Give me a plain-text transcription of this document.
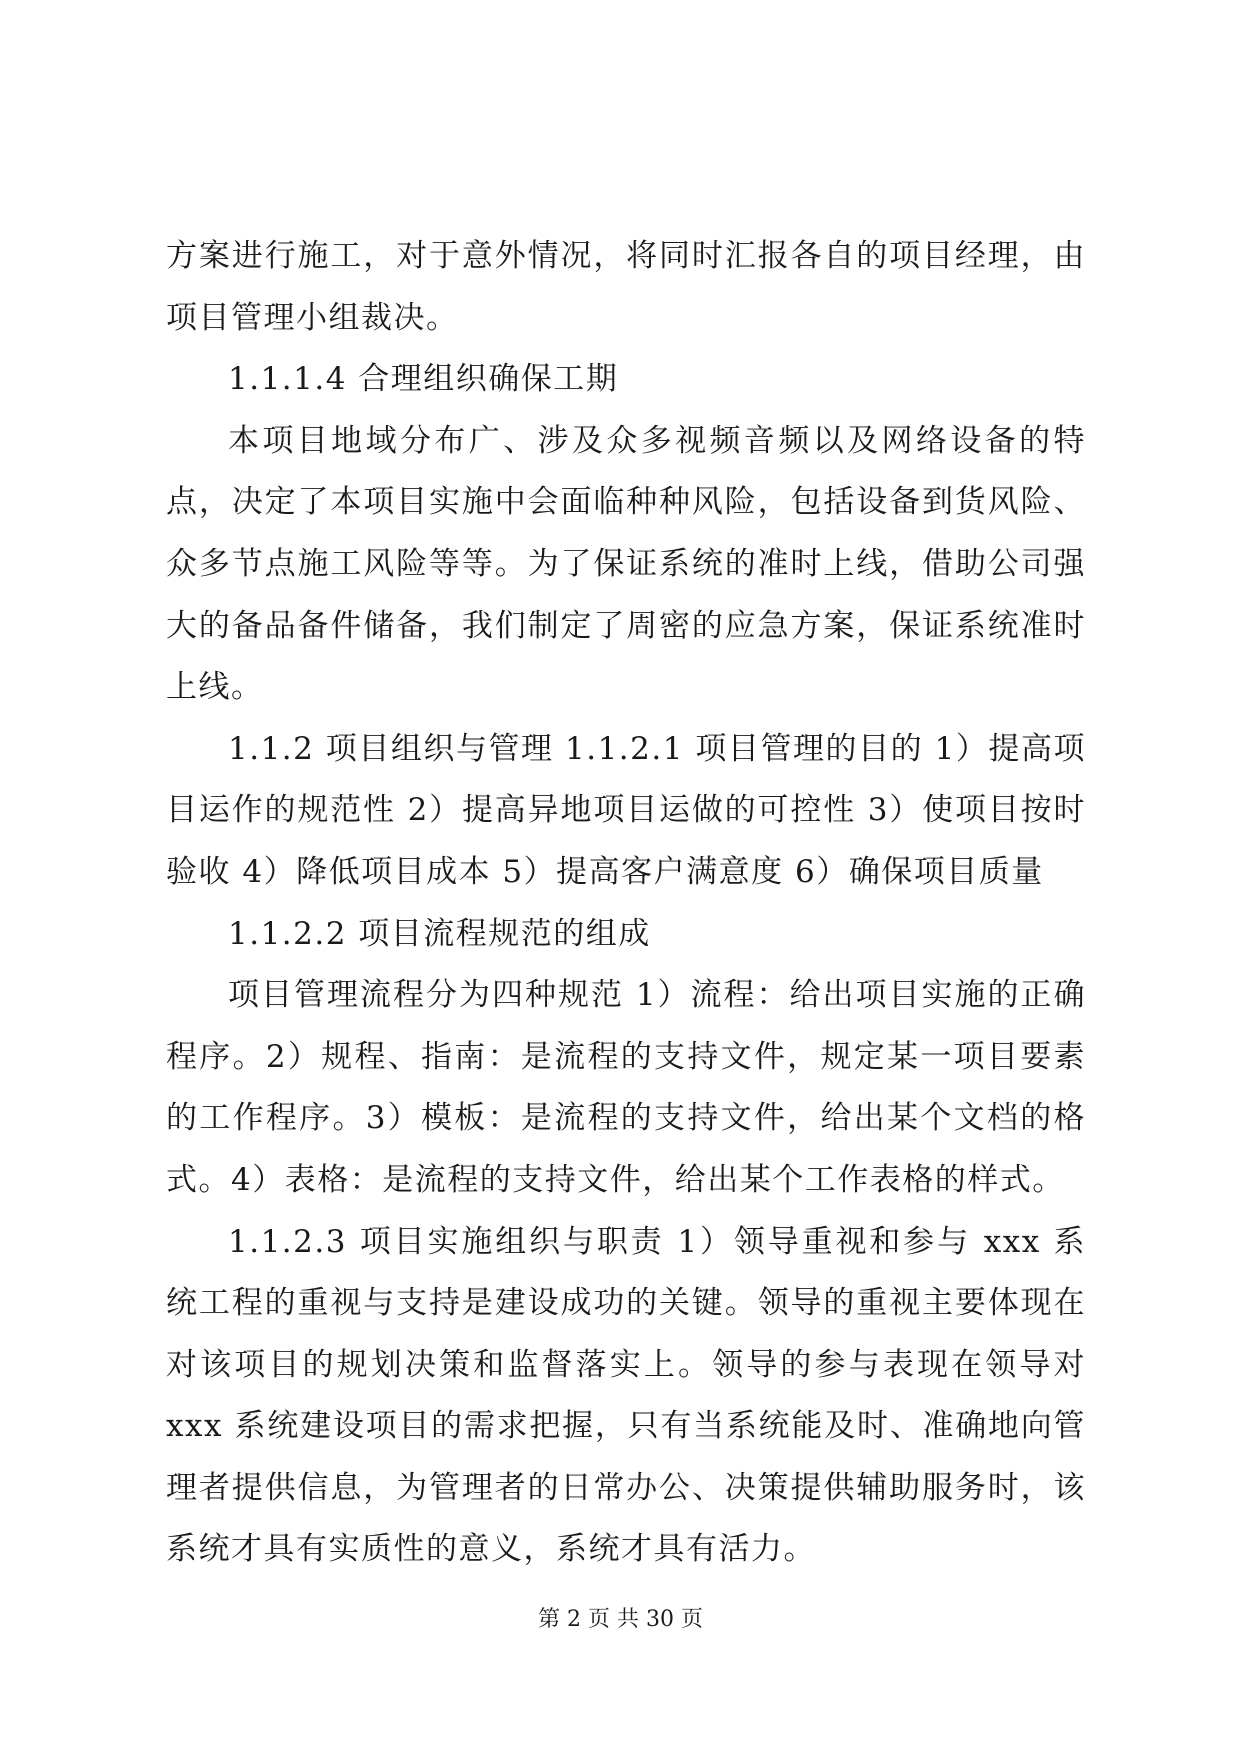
方案进行施工，对于意外情况，将同时汇报各自的项目经理，由项目管理小组裁决。

1.1.1.4 合理组织确保工期

本项目地域分布广、涉及众多视频音频以及网络设备的特点，决定了本项目实施中会面临种种风险，包括设备到货风险、众多节点施工风险等等。为了保证系统的准时上线，借助公司强大的备品备件储备，我们制定了周密的应急方案，保证系统准时上线。

1.1.2 项目组织与管理 1.1.2.1 项目管理的目的 1）提高项目运作的规范性 2）提高异地项目运做的可控性 3）使项目按时验收 4）降低项目成本 5）提高客户满意度 6）确保项目质量

1.1.2.2 项目流程规范的组成

项目管理流程分为四种规范 1）流程：给出项目实施的正确程序。2）规程、指南：是流程的支持文件，规定某一项目要素的工作程序。3）模板：是流程的支持文件，给出某个文档的格式。4）表格：是流程的支持文件，给出某个工作表格的样式。

1.1.2.3 项目实施组织与职责 1）领导重视和参与 xxx 系统工程的重视与支持是建设成功的关键。领导的重视主要体现在对该项目的规划决策和监督落实上。领导的参与表现在领导对 xxx 系统建设项目的需求把握，只有当系统能及时、准确地向管理者提供信息，为管理者的日常办公、决策提供辅助服务时，该系统才具有实质性的意义，系统才具有活力。

第 2 页 共 30 页
